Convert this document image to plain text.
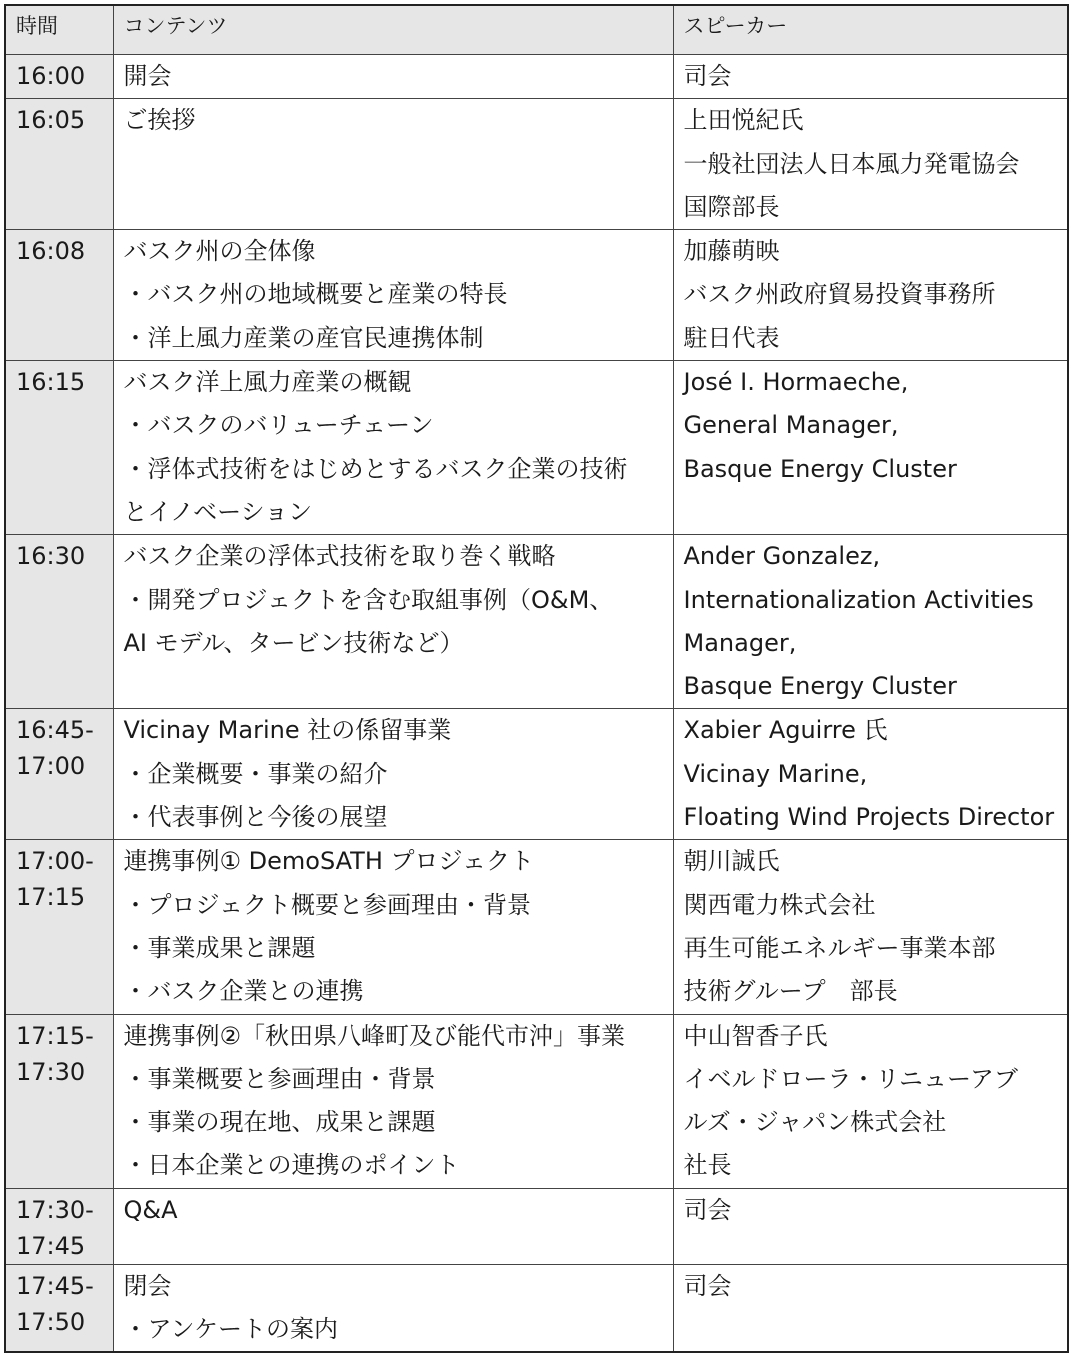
時間	コンテンツ	スピーカー

16:00	開会	司会

16:05	ご挨拶	上田悦紀氏
一般社団法人日本風力発電協会
国際部長

16:08	バスク州の全体像
・バスク州の地域概要と産業の特長
・洋上風力産業の産官民連携体制	加藤萌映
バスク州政府貿易投資事務所
駐日代表

16:15	バスク洋上風力産業の概観
・バスクのバリューチェーン
・浮体式技術をはじめとするバスク企業の技術
とイノベーション	José I. Hormaeche,
General Manager,
Basque Energy Cluster

16:30	バスク企業の浮体式技術を取り巻く戦略
・開発プロジェクトを含む取組事例（O&M、
AI モデル、タービン技術など）	Ander Gonzalez,
Internationalization Activities
Manager,
Basque Energy Cluster

16:45-
17:00	Vicinay Marine 社の係留事業
・企業概要・事業の紹介
・代表事例と今後の展望	Xabier Aguirre 氏
Vicinay Marine,
Floating Wind Projects Director

17:00-
17:15	連携事例① DemoSATH プロジェクト
・プロジェクト概要と参画理由・背景
・事業成果と課題
・バスク企業との連携	朝川誠氏
関西電力株式会社
再生可能エネルギー事業本部
技術グループ　部長

17:15-
17:30	連携事例②「秋田県八峰町及び能代市沖」事業
・事業概要と参画理由・背景
・事業の現在地、成果と課題
・日本企業との連携のポイント	中山智香子氏
イベルドローラ・リニューアブ
ルズ・ジャパン株式会社
社長

17:30-
17:45	Q&A	司会

17:45-
17:50	閉会
・アンケートの案内	司会
